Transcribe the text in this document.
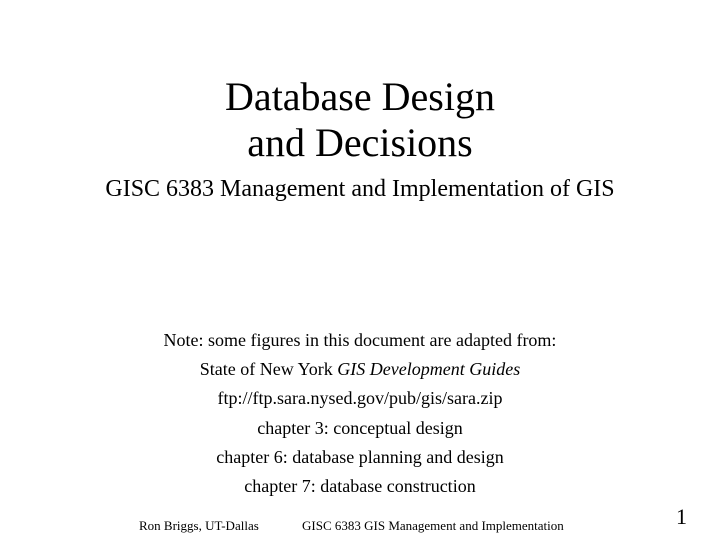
Database Design
and Decisions
GISC 6383 Management and Implementation of GIS
Note: some figures in this document are adapted from:
State of New York GIS Development Guides
ftp://ftp.sara.nysed.gov/pub/gis/sara.zip
chapter 3: conceptual design
chapter 6: database planning and design
chapter 7: database construction
Ron Briggs, UT-Dallas	GISC 6383 GIS Management and Implementation	1
